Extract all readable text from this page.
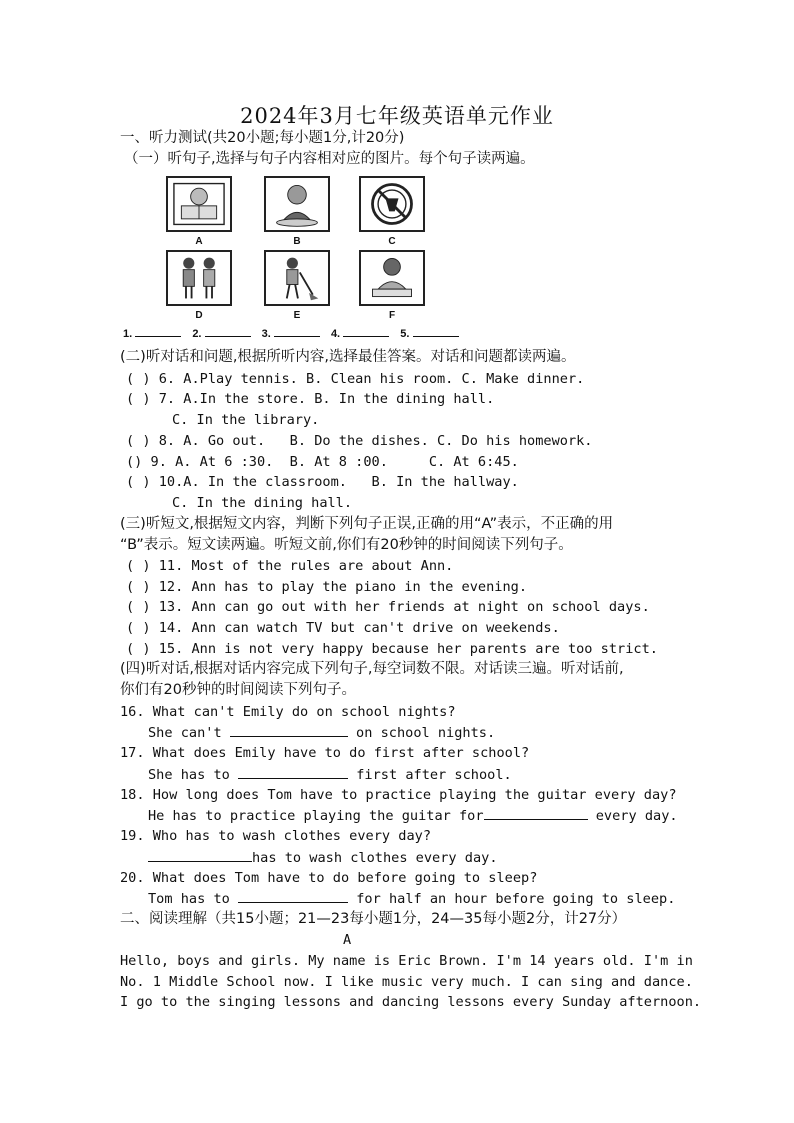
2024年3月七年级英语单元作业
一、听力测试(共20小题;每小题1分,计20分)
（一）听句子,选择与句子内容相对应的图片。每个句子读两遍。
A	B	C
D	E	F
1.	2.	3.	4.	5.
(二)听对话和问题,根据所听内容,选择最佳答案。对话和问题都读两遍。
( ) 6. A.Play tennis. B. Clean his room. C. Make dinner.
( ) 7. A.In the store. B. In the dining hall.
C. In the library.
( ) 8. A. Go out.   B. Do the dishes. C. Do his homework.
() 9. A. At 6 :30.  B. At 8 :00.     C. At 6:45.
( ) 10.A. In the classroom.   B. In the hallway.
C. In the dining hall.
(三)听短文,根据短文内容，判断下列句子正误,正确的用“A”表示，不正确的用
“B”表示。短文读两遍。听短文前,你们有20秒钟的时间阅读下列句子。
( ) 11. Most of the rules are about Ann.
( ) 12. Ann has to play the piano in the evening.
( ) 13. Ann can go out with her friends at night on school days.
( ) 14. Ann can watch TV but can't drive on weekends.
( ) 15. Ann is not very happy because her parents are too strict.
(四)听对话,根据对话内容完成下列句子,每空词数不限。对话读三遍。听对话前,
你们有20秒钟的时间阅读下列句子。
16. What can't Emily do on school nights?
She can't	on school nights.
17. What does Emily have to do first after school?
She has to	first after school.
18. How long does Tom have to practice playing the guitar every day?
He has to practice playing the guitar for	every day.
19. Who has to wash clothes every day?
has to wash clothes every day.
20. What does Tom have to do before going to sleep?
Tom has to	for half an hour before going to sleep.
二、阅读理解（共15小题；21—23每小题1分，24—35每小题2分，计27分）
A
Hello, boys and girls. My name is Eric Brown. I'm 14 years old. I'm in
No. 1 Middle School now. I like music very much. I can sing and dance.
I go to the singing lessons and dancing lessons every Sunday afternoon.
